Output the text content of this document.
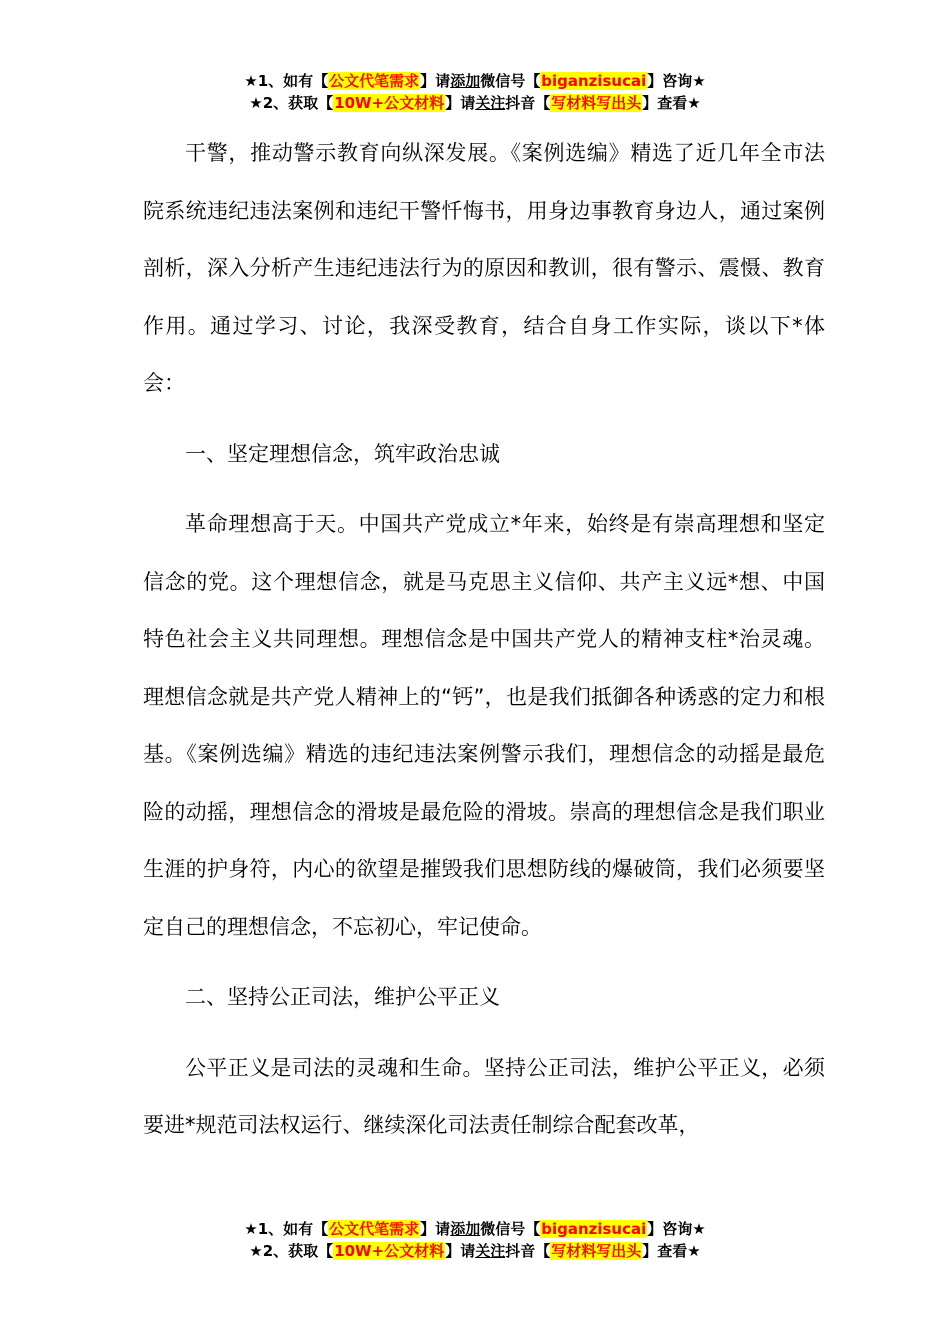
★1、如有【公文代笔需求】请添加微信号【biganzisucai】咨询★
★2、获取【10W+公文材料】请关注抖音【写材料写出头】查看★

干警，推动警示教育向纵深发展。《案例选编》精选了近几年全市法院系统违纪违法案例和违纪干警忏悔书，用身边事教育身边人，通过案例剖析，深入分析产生违纪违法行为的原因和教训，很有警示、震慑、教育作用。通过学习、讨论，我深受教育，结合自身工作实际，谈以下*体会：

一、坚定理想信念，筑牢政治忠诚

革命理想高于天。中国共产党成立*年来，始终是有崇高理想和坚定信念的党。这个理想信念，就是马克思主义信仰、共产主义远*想、中国特色社会主义共同理想。理想信念是中国共产党人的精神支柱*治灵魂。理想信念就是共产党人精神上的“钙”，也是我们抵御各种诱惑的定力和根基。《案例选编》精选的违纪违法案例警示我们，理想信念的动摇是最危险的动摇，理想信念的滑坡是最危险的滑坡。崇高的理想信念是我们职业生涯的护身符，内心的欲望是摧毁我们思想防线的爆破筒，我们必须要坚定自己的理想信念，不忘初心，牢记使命。

二、坚持公正司法，维护公平正义

公平正义是司法的灵魂和生命。坚持公正司法，维护公平正义，必须要进*规范司法权运行、继续深化司法责任制综合配套改革，

★1、如有【公文代笔需求】请添加微信号【biganzisucai】咨询★
★2、获取【10W+公文材料】请关注抖音【写材料写出头】查看★
